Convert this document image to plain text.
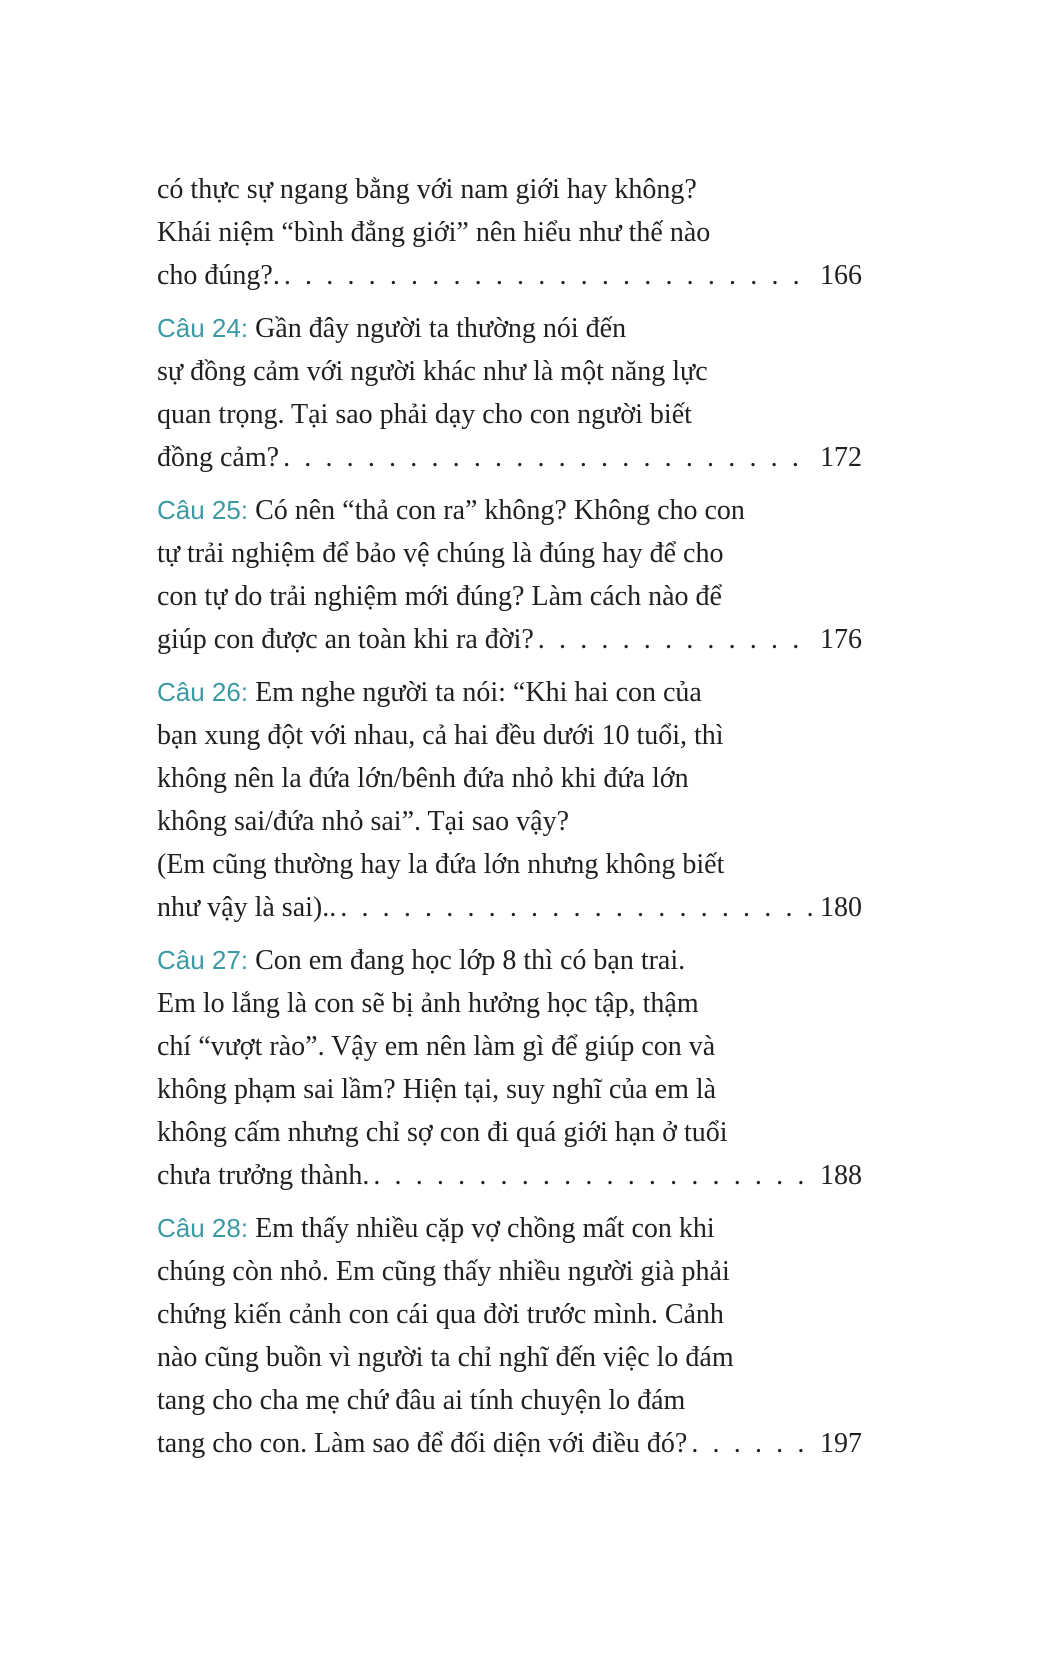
có thực sự ngang bằng với nam giới hay không?
Khái niệm “bình đẳng giới” nên hiểu như thế nào
cho đúng?. . . .	166
Câu 24: Gần đây người ta thường nói đến
sự đồng cảm với người khác như là một năng lực
quan trọng. Tại sao phải dạy cho con người biết
đồng cảm? . . .	172
Câu 25: Có nên “thả con ra” không? Không cho con
tự trải nghiệm để bảo vệ chúng là đúng hay để cho
con tự do trải nghiệm mới đúng? Làm cách nào để
giúp con được an toàn khi ra đời? . . .	176
Câu 26: Em nghe người ta nói: “Khi hai con của
bạn xung đột với nhau, cả hai đều dưới 10 tuổi, thì
không nên la đứa lớn/bênh đứa nhỏ khi đứa lớn
không sai/đứa nhỏ sai”. Tại sao vậy?
(Em cũng thường hay la đứa lớn nhưng không biết
như vậy là sai).. . . .	180
Câu 27: Con em đang học lớp 8 thì có bạn trai.
Em lo lắng là con sẽ bị ảnh hưởng học tập, thậm
chí “vượt rào”. Vậy em nên làm gì để giúp con và
không phạm sai lầm? Hiện tại, suy nghĩ của em là
không cấm nhưng chỉ sợ con đi quá giới hạn ở tuổi
chưa trưởng thành. . . .	188
Câu 28: Em thấy nhiều cặp vợ chồng mất con khi
chúng còn nhỏ. Em cũng thấy nhiều người già phải
chứng kiến cảnh con cái qua đời trước mình. Cảnh
nào cũng buồn vì người ta chỉ nghĩ đến việc lo đám
tang cho cha mẹ chứ đâu ai tính chuyện lo đám
tang cho con. Làm sao để đối diện với điều đó? . . .	197
